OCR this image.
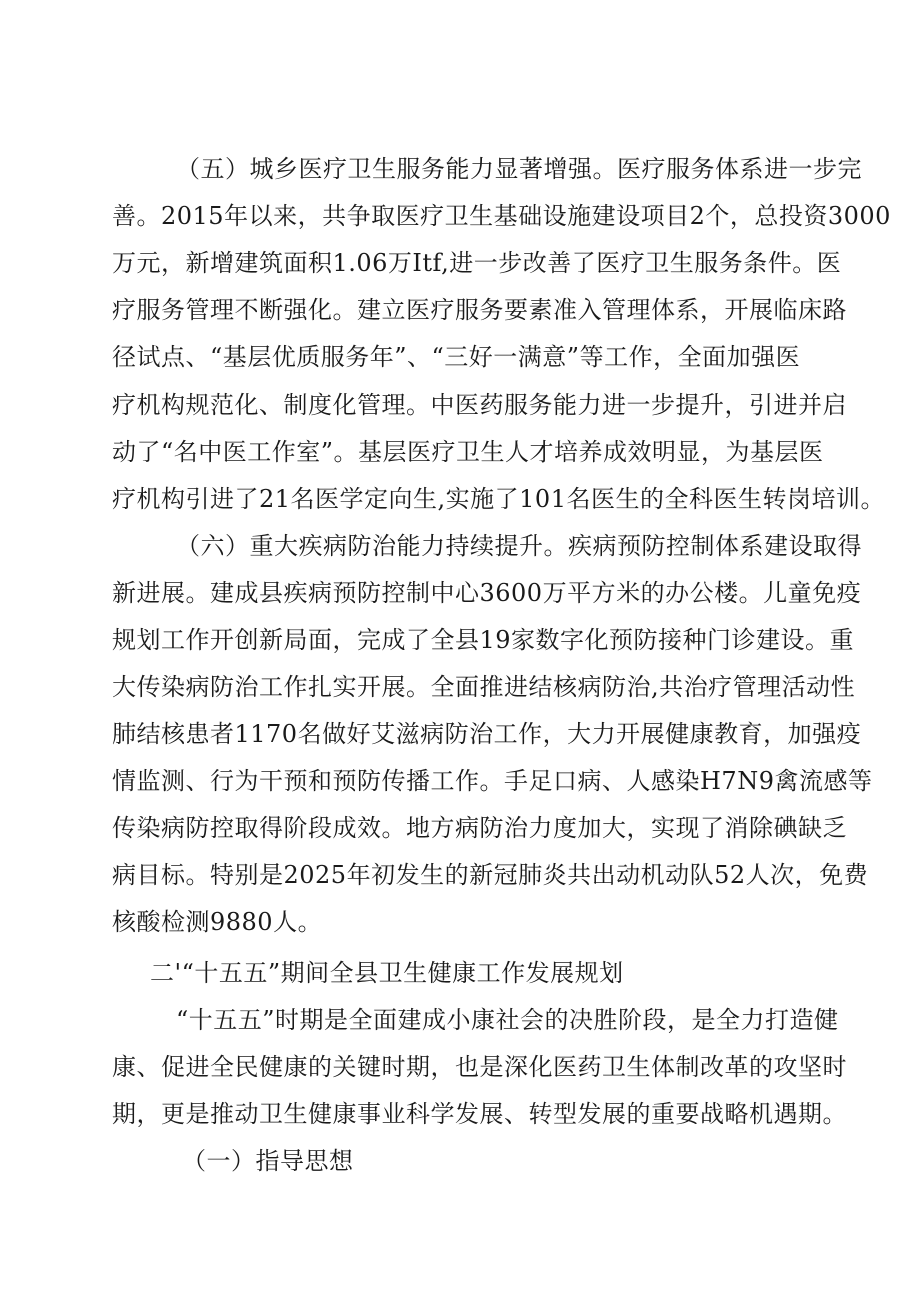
（五）城乡医疗卫生服务能力显著增强。医疗服务体系进一步完
善。2015年以来，共争取医疗卫生基础设施建设项目2个，总投资3000
万元，新增建筑面积1.06万Itf,进一步改善了医疗卫生服务条件。医
疗服务管理不断强化。建立医疗服务要素准入管理体系，开展临床路
径试点、“基层优质服务年”、“三好一满意”等工作，全面加强医
疗机构规范化、制度化管理。中医药服务能力进一步提升，引进并启
动了“名中医工作室”。基层医疗卫生人才培养成效明显，为基层医
疗机构引进了21名医学定向生,实施了101名医生的全科医生转岗培训。
（六）重大疾病防治能力持续提升。疾病预防控制体系建设取得
新进展。建成县疾病预防控制中心3600万平方米的办公楼。儿童免疫
规划工作开创新局面，完成了全县19家数字化预防接种门诊建设。重
大传染病防治工作扎实开展。全面推进结核病防治,共治疗管理活动性
肺结核患者1170名做好艾滋病防治工作，大力开展健康教育，加强疫
情监测、行为干预和预防传播工作。手足口病、人感染H7N9禽流感等
传染病防控取得阶段成效。地方病防治力度加大，实现了消除碘缺乏
病目标。特别是2025年初发生的新冠肺炎共出动机动队52人次，免费
核酸检测9880人。
二'“十五五”期间全县卫生健康工作发展规划
“十五五”时期是全面建成小康社会的决胜阶段，是全力打造健
康、促进全民健康的关键时期，也是深化医药卫生体制改革的攻坚时
期，更是推动卫生健康事业科学发展、转型发展的重要战略机遇期。
（一）指导思想
